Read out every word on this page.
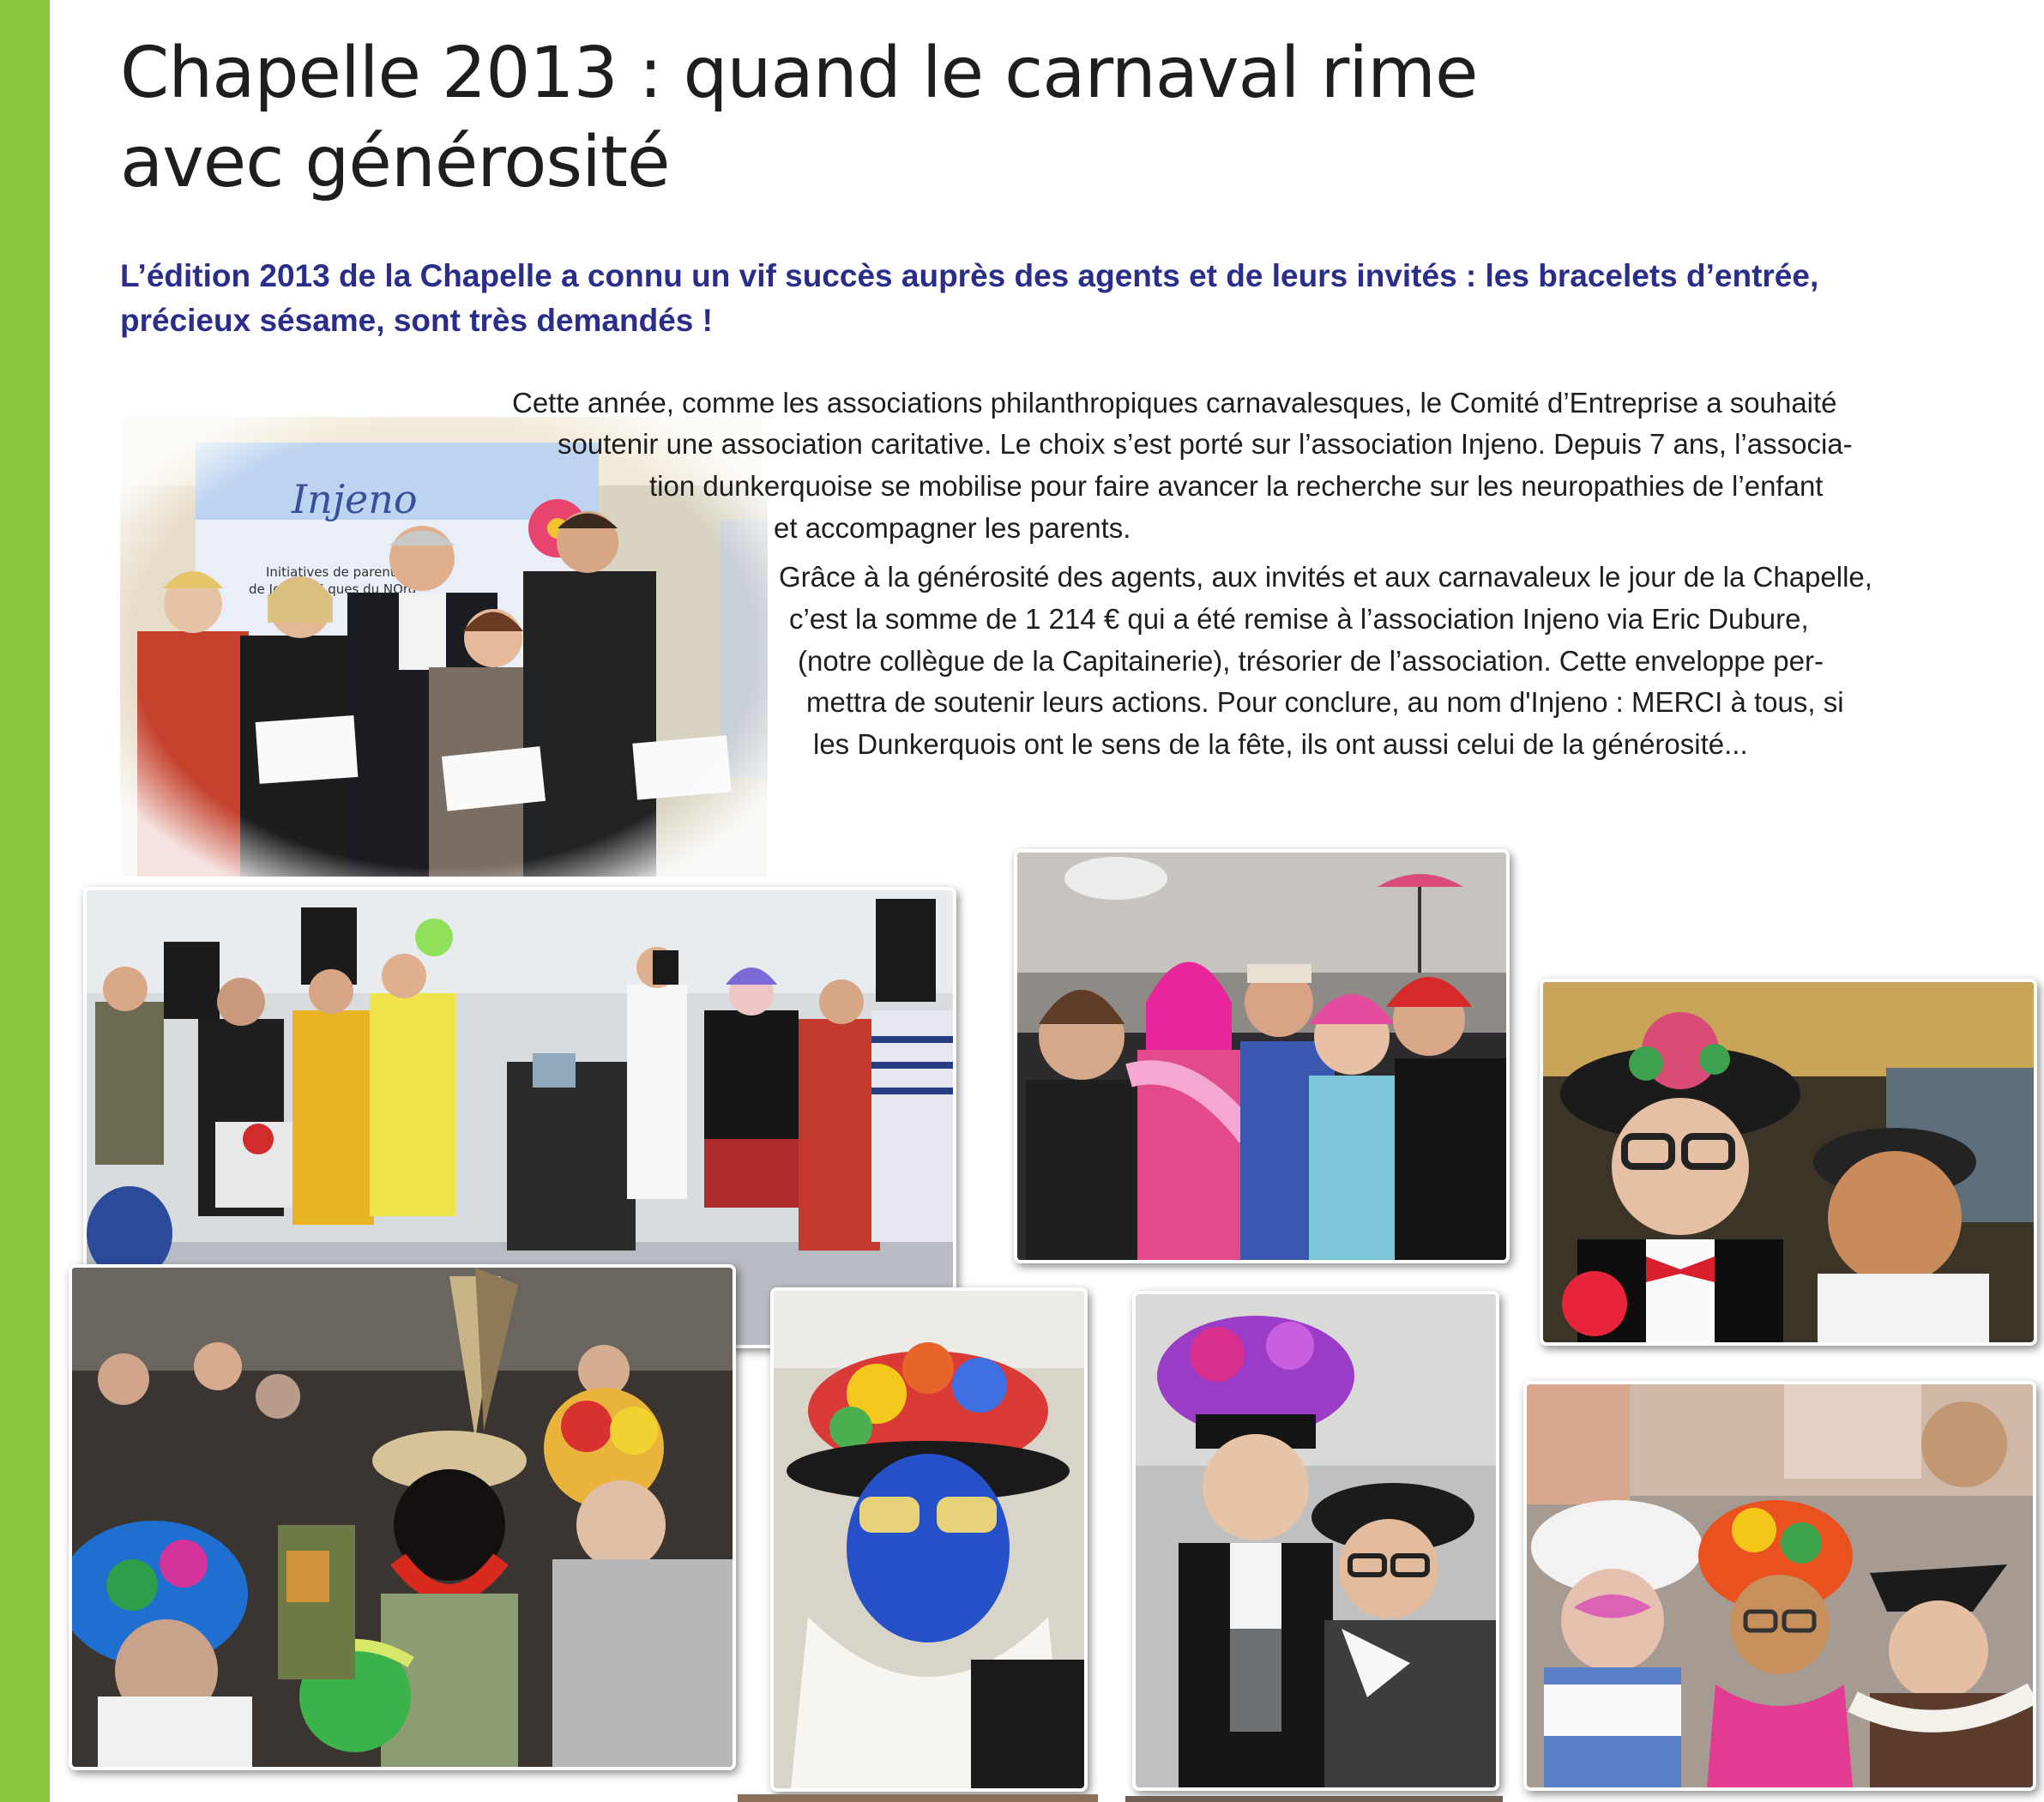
Chapelle 2013 : quand le carnaval rime
avec générosité

L’édition 2013 de la Chapelle a connu un vif succès auprès des agents et de leurs invités : les bracelets d’entrée,
précieux sésame, sont très demandés !

Cette année, comme les associations philanthropiques carnavalesques, le Comité d’Entreprise a souhaité
soutenir une association caritative. Le choix s’est porté sur l’association Injeno. Depuis 7 ans, l’associa-
tion dunkerquoise se mobilise pour faire avancer la recherche sur les neuropathies de l’enfant
et accompagner les parents.
Grâce à la générosité des agents, aux invités et aux carnavaleux le jour de la Chapelle,
c’est la somme de 1 214 € qui a été remise à l’association Injeno via Eric Dubure,
(notre collègue de la Capitainerie), trésorier de l’association. Cette enveloppe per-
mettra de soutenir leurs actions. Pour conclure, au nom d'Injeno : MERCI à tous, si
les Dunkerquois ont le sens de la fête, ils ont aussi celui de la générosité...
